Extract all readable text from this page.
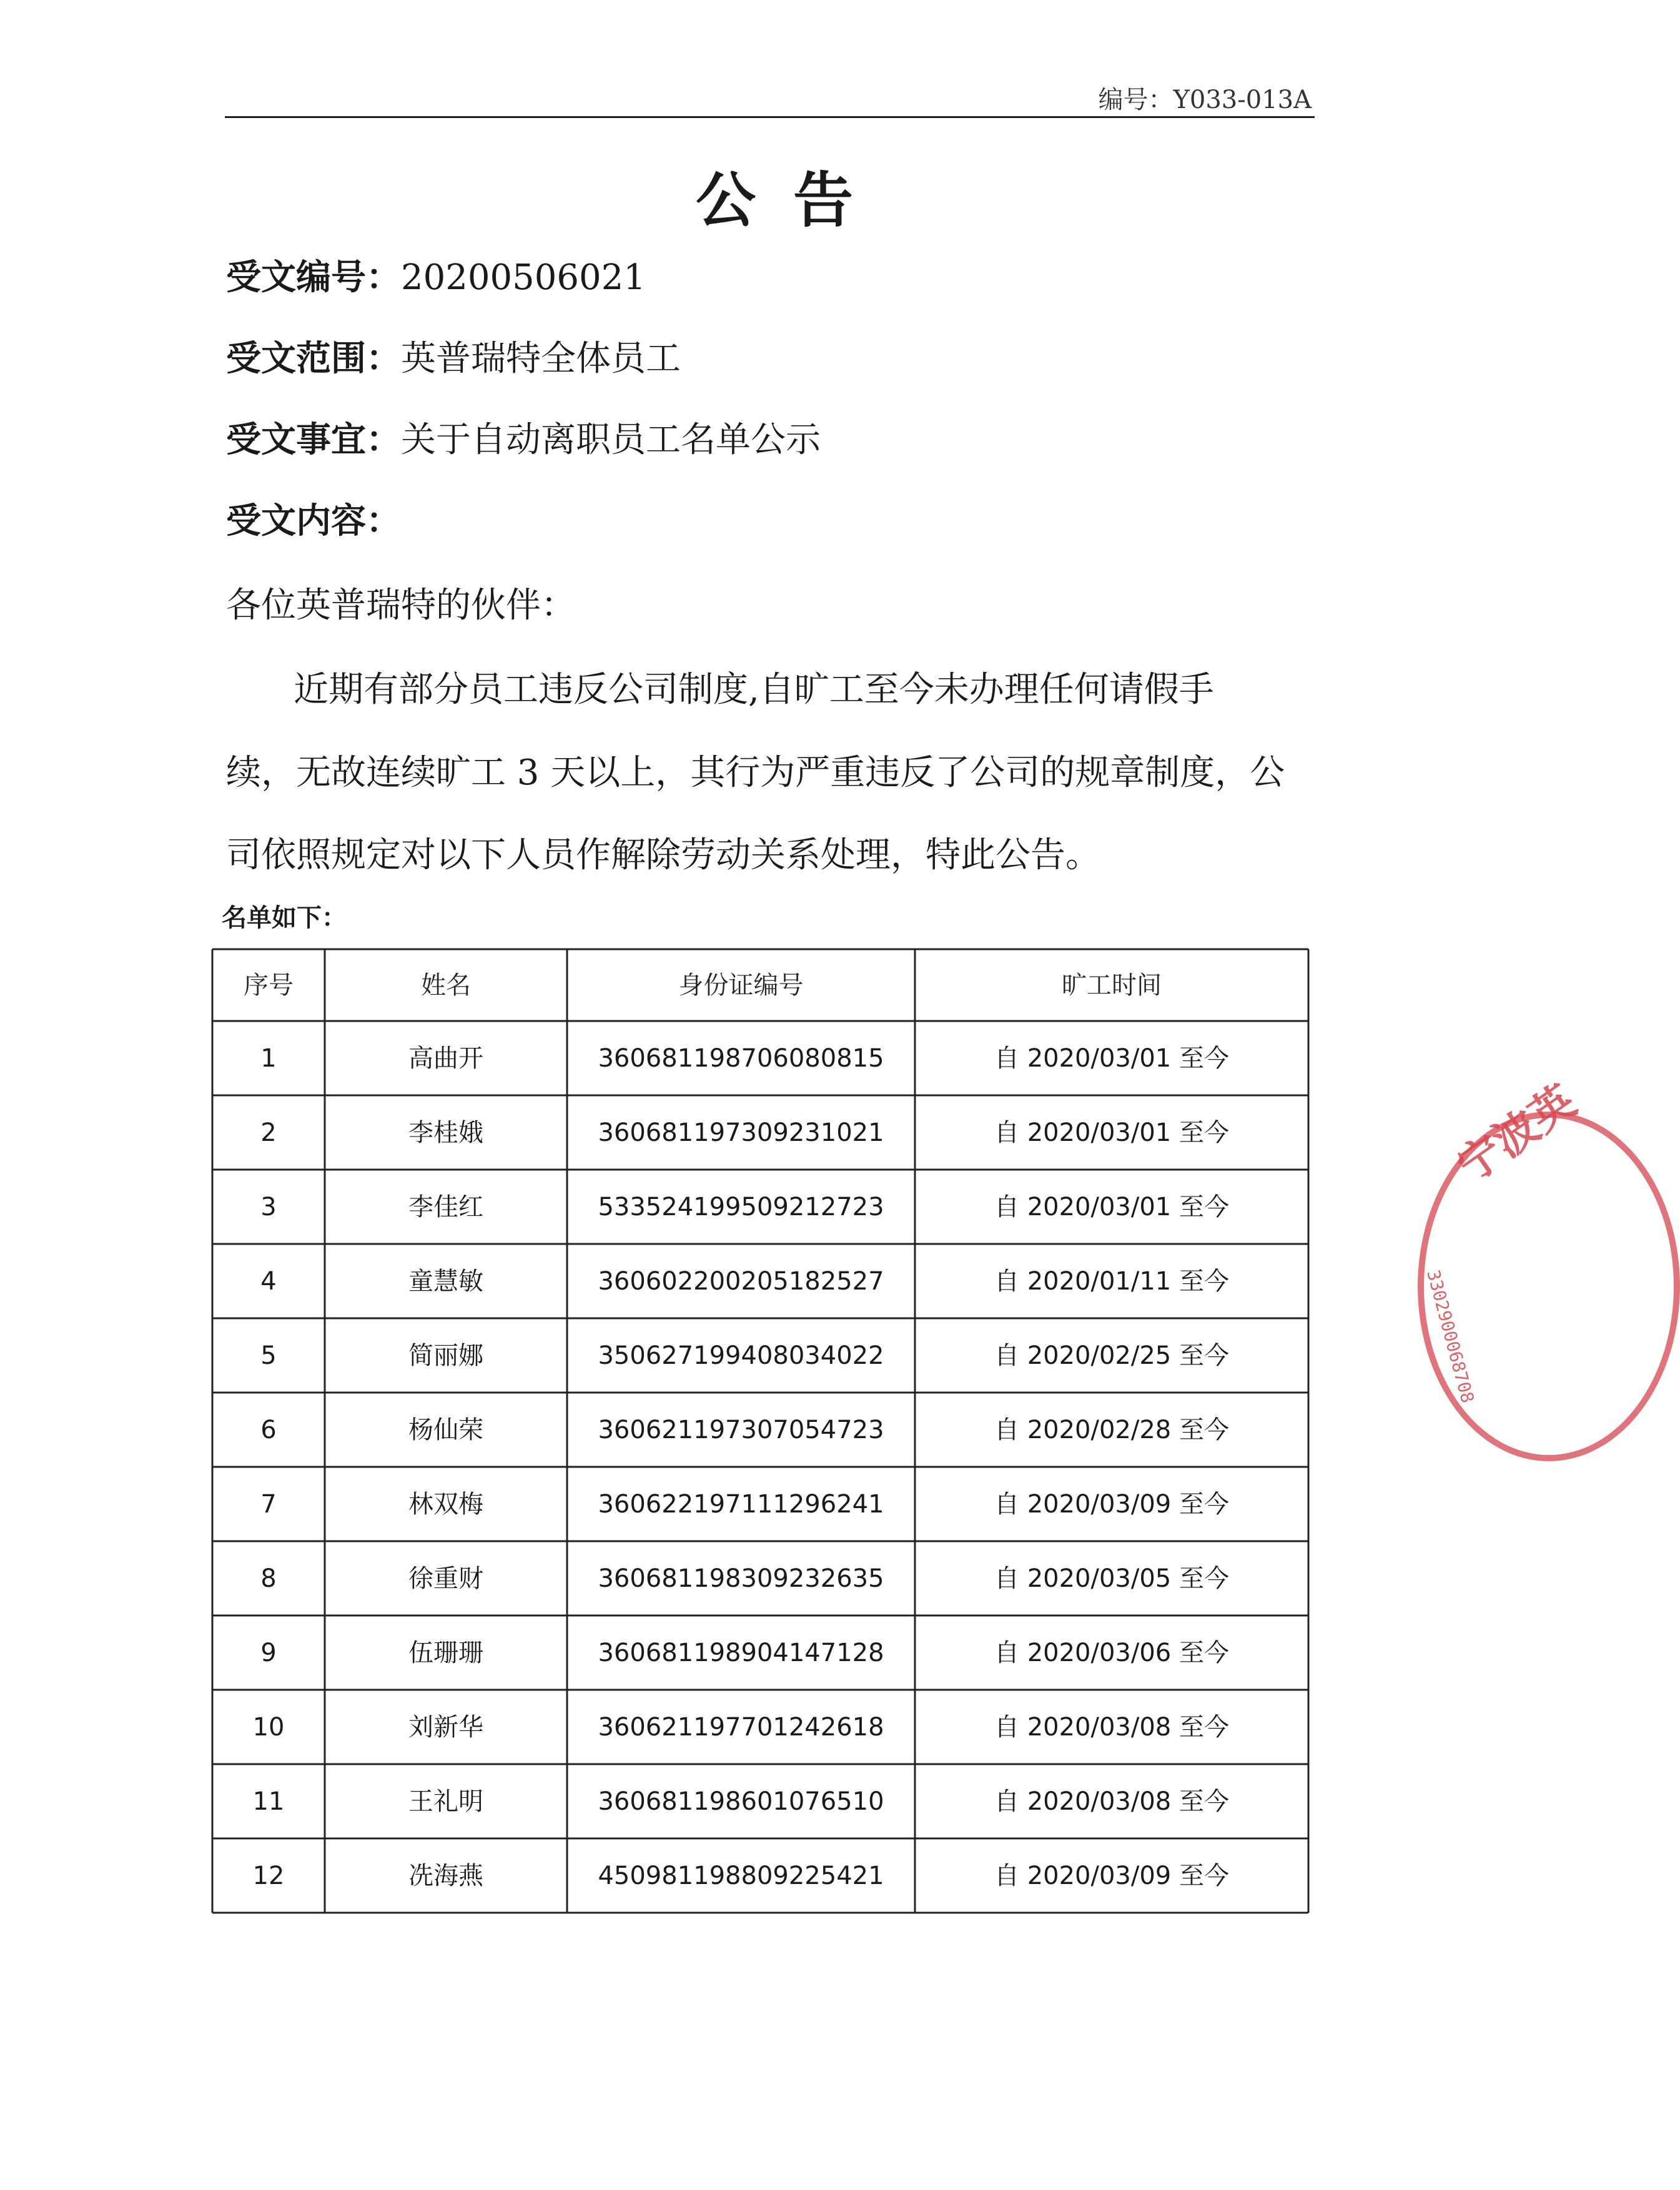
编号：Y033-013A
公告
受文编号：20200506021
受文范围：英普瑞特全体员工
受文事宜：关于自动离职员工名单公示
受文内容：
各位英普瑞特的伙伴：
近期有部分员工违反公司制度,自旷工至今未办理任何请假手
续，无故连续旷工 3 天以上，其行为严重违反了公司的规章制度，公
司依照规定对以下人员作解除劳动关系处理，特此公告。
名单如下：
序号	姓名	身份证编号	旷工时间
1	高曲开	360681198706080815	自 2020/03/01 至今
2	李桂娥	360681197309231021	自 2020/03/01 至今
3	李佳红	533524199509212723	自 2020/03/01 至今
4	童慧敏	360602200205182527	自 2020/01/11 至今
5	简丽娜	350627199408034022	自 2020/02/25 至今
6	杨仙荣	360621197307054723	自 2020/02/28 至今
7	林双梅	360622197111296241	自 2020/03/09 至今
8	徐重财	360681198309232635	自 2020/03/05 至今
9	伍珊珊	360681198904147128	自 2020/03/06 至今
10	刘新华	360621197701242618	自 2020/03/08 至今
11	王礼明	360681198601076510	自 2020/03/08 至今
12	冼海燕	450981198809225421	自 2020/03/09 至今
宁波英
3302900068708
